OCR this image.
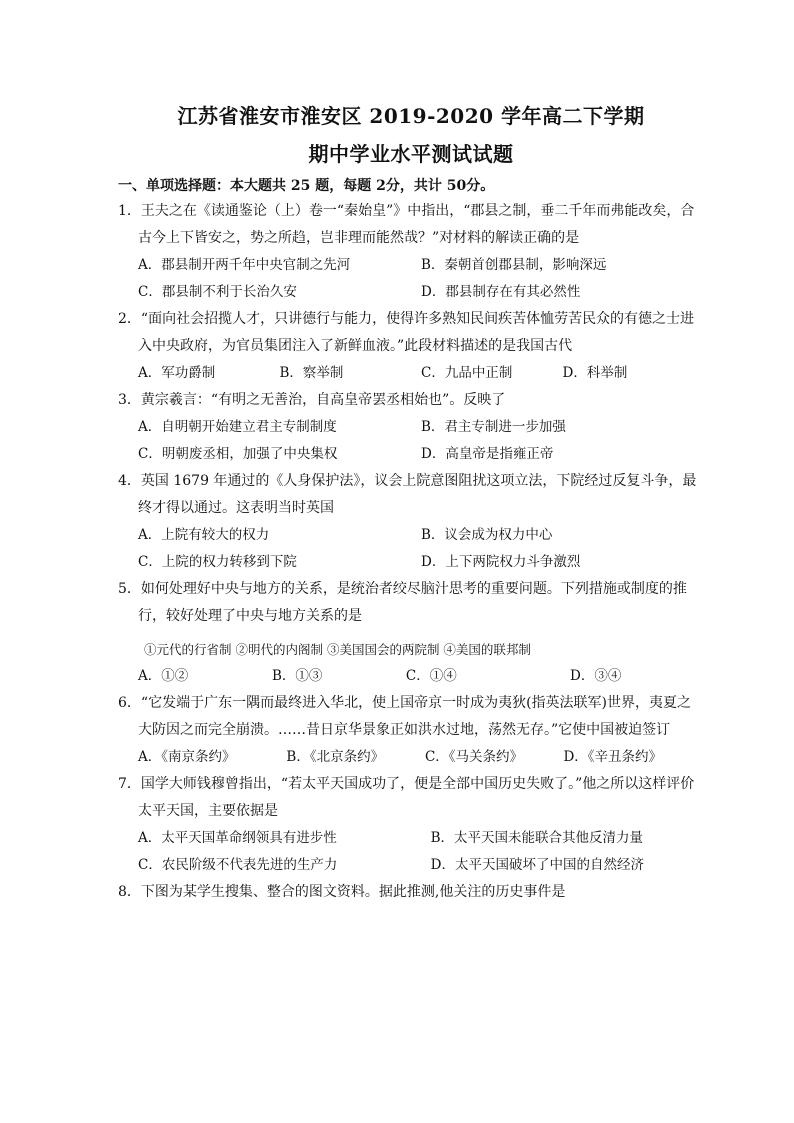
江苏省淮安市淮安区 2019-2020 学年高二下学期
期中学业水平测试试题

一、单项选择题：本大题共 25 题，每题 2分，共计 50分。

1．王夫之在《读通鉴论（上）卷一“秦始皇”》中指出，“郡县之制，垂二千年而弗能改矣，合古今上下皆安之，势之所趋，岂非理而能然哉？”对材料的解读正确的是

A．郡县制开两千年中央官制之先河	B．秦朝首创郡县制，影响深远
C．郡县制不利于长治久安	D．郡县制存在有其必然性

2．“面向社会招揽人才，只讲德行与能力，使得许多熟知民间疾苦体恤劳苦民众的有德之士进入中央政府，为官员集团注入了新鲜血液。”此段材料描述的是我国古代

A．军功爵制	B．察举制	C．九品中正制	D．科举制

3．黄宗羲言：“有明之无善治，自高皇帝罢丞相始也”。反映了

A．自明朝开始建立君主专制制度	B．君主专制进一步加强
C．明朝废丞相，加强了中央集权	D．高皇帝是指雍正帝

4．英国 1679 年通过的《人身保护法》，议会上院意图阻扰这项立法，下院经过反复斗争，最终才得以通过。这表明当时英国

A．上院有较大的权力	B．议会成为权力中心
C．上院的权力转移到下院	D．上下两院权力斗争激烈

5．如何处理好中央与地方的关系，是统治者绞尽脑汁思考的重要问题。下列措施或制度的推行，较好处理了中央与地方关系的是

①元代的行省制 ②明代的内阁制 ③美国国会的两院制 ④美国的联邦制

A．①②	B．①③	C．①④	D．③④

6．“它发端于广东一隅而最终进入华北，使上国帝京一时成为夷狄(指英法联军)世界，夷夏之大防因之而完全崩溃。……昔日京华景象正如洪水过地，荡然无存。”它使中国被迫签订

A．《南京条约》	B．《北京条约》	C．《马关条约》	D．《辛丑条约》

7．国学大师钱穆曾指出，“若太平天国成功了，便是全部中国历史失败了。”他之所以这样评价太平天国，主要依据是

A．太平天国革命纲领具有进步性	B．太平天国未能联合其他反清力量
C．农民阶级不代表先进的生产力	D．太平天国破坏了中国的自然经济

8．下图为某学生搜集、整合的图文资料。据此推测,他关注的历史事件是
